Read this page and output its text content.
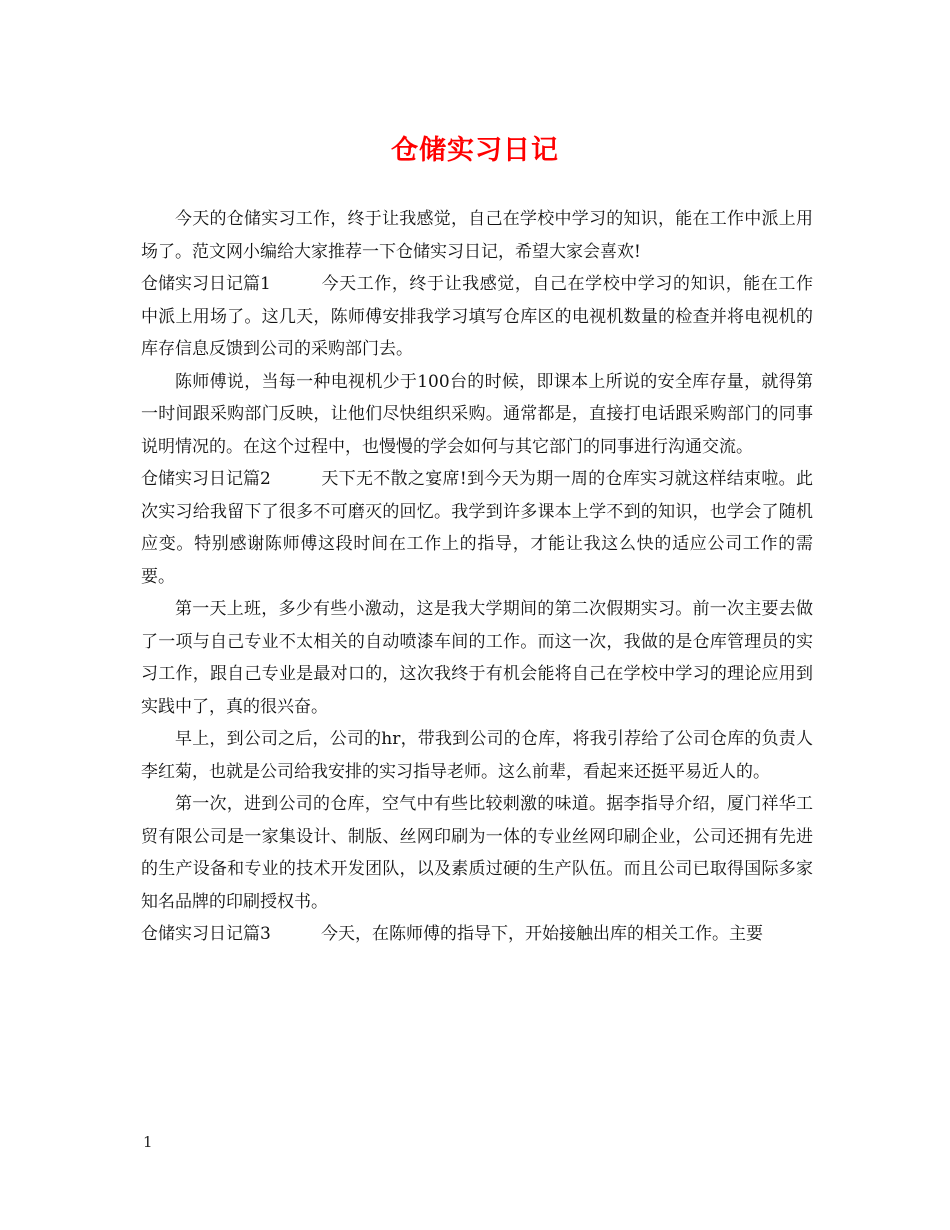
仓储实习日记

今天的仓储实习工作，终于让我感觉，自己在学校中学习的知识，能在工作中派上用场了。范文网小编给大家推荐一下仓储实习日记，希望大家会喜欢!

仓储实习日记篇1	今天工作，终于让我感觉，自己在学校中学习的知识，能在工作中派上用场了。这几天，陈师傅安排我学习填写仓库区的电视机数量的检查并将电视机的库存信息反馈到公司的采购部门去。

陈师傅说，当每一种电视机少于100台的时候，即课本上所说的安全库存量，就得第一时间跟采购部门反映，让他们尽快组织采购。通常都是，直接打电话跟采购部门的同事说明情况的。在这个过程中，也慢慢的学会如何与其它部门的同事进行沟通交流。

仓储实习日记篇2	天下无不散之宴席!到今天为期一周的仓库实习就这样结束啦。此次实习给我留下了很多不可磨灭的回忆。我学到许多课本上学不到的知识，也学会了随机应变。特别感谢陈师傅这段时间在工作上的指导，才能让我这么快的适应公司工作的需要。

第一天上班，多少有些小激动，这是我大学期间的第二次假期实习。前一次主要去做了一项与自己专业不太相关的自动喷漆车间的工作。而这一次，我做的是仓库管理员的实习工作，跟自己专业是最对口的，这次我终于有机会能将自己在学校中学习的理论应用到实践中了，真的很兴奋。

早上，到公司之后，公司的hr，带我到公司的仓库，将我引荐给了公司仓库的负责人李红菊，也就是公司给我安排的实习指导老师。这么前辈，看起来还挺平易近人的。

第一次，进到公司的仓库，空气中有些比较刺激的味道。据李指导介绍，厦门祥华工贸有限公司是一家集设计、制版、丝网印刷为一体的专业丝网印刷企业，公司还拥有先进的生产设备和专业的技术开发团队，以及素质过硬的生产队伍。而且公司已取得国际多家知名品牌的印刷授权书。

仓储实习日记篇3	今天，在陈师傅的指导下，开始接触出库的相关工作。主要

1
